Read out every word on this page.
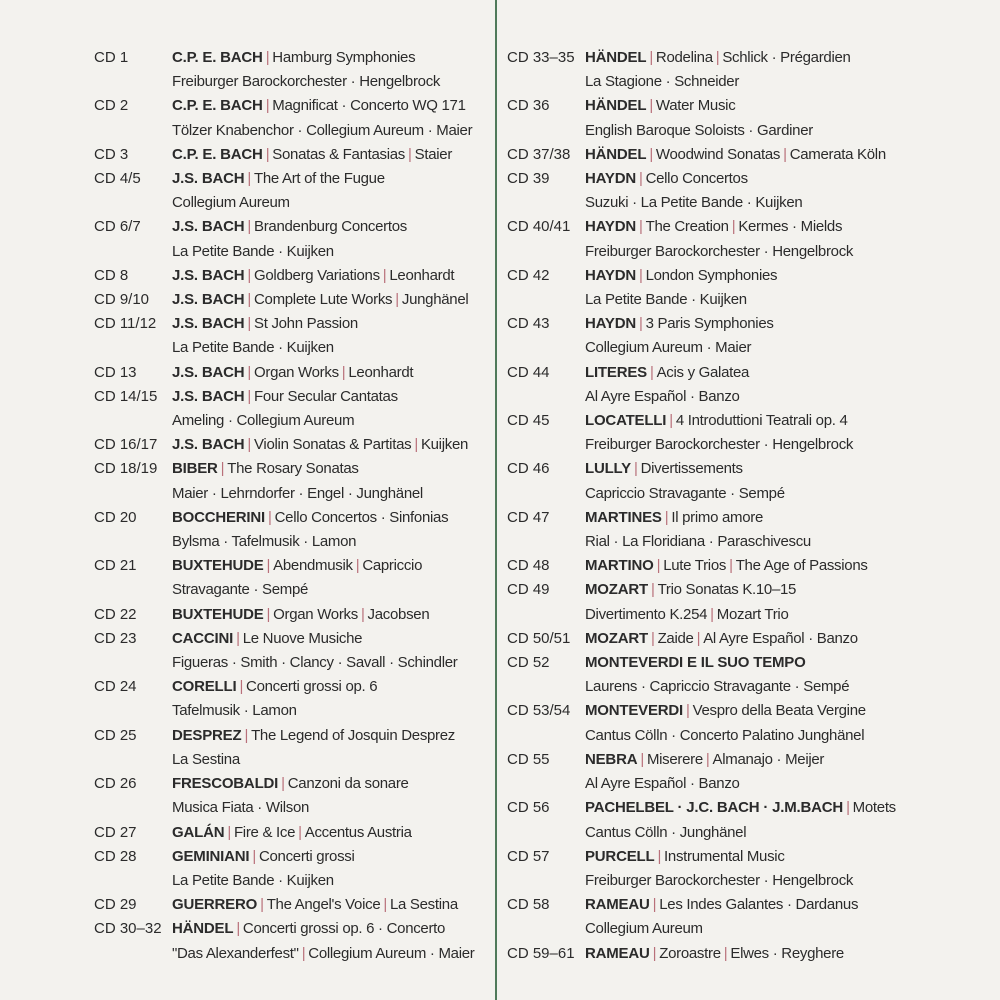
CD 1	C.P. E. BACH | Hamburg Symphonies
Freiburger Barockorchester · Hengelbrock
CD 2	C.P. E. BACH | Magnificat · Concerto WQ 171
Tölzer Knabenchor · Collegium Aureum · Maier
CD 3	C.P. E. BACH | Sonatas & Fantasias | Staier
CD 4/5	J.S. BACH | The Art of the Fugue
Collegium Aureum
CD 6/7	J.S. BACH | Brandenburg Concertos
La Petite Bande · Kuijken
CD 8	J.S. BACH | Goldberg Variations | Leonhardt
CD 9/10	J.S. BACH | Complete Lute Works | Junghänel
CD 11/12	J.S. BACH | St John Passion
La Petite Bande · Kuijken
CD 13	J.S. BACH | Organ Works | Leonhardt
CD 14/15 J.S. BACH | Four Secular Cantatas
Ameling · Collegium Aureum
CD 16/17 J.S. BACH | Violin Sonatas & Partitas | Kuijken
CD 18/19 BIBER | The Rosary Sonatas
Maier · Lehrndorfer · Engel · Junghänel
CD 20	BOCCHERINI | Cello Concertos · Sinfonias
Bylsma · Tafelmusik · Lamon
CD 21	BUXTEHUDE | Abendmusik | Capriccio
Stravagante · Sempé
CD 22	BUXTEHUDE | Organ Works | Jacobsen
CD 23	CACCINI | Le Nuove Musiche
Figueras · Smith · Clancy · Savall · Schindler
CD 24	CORELLI | Concerti grossi op. 6
Tafelmusik · Lamon
CD 25	DESPREZ | The Legend of Josquin Desprez
La Sestina
CD 26	FRESCOBALDI | Canzoni da sonare
Musica Fiata · Wilson
CD 27	GALÁN | Fire & Ice | Accentus Austria
CD 28	GEMINIANI | Concerti grossi
La Petite Bande · Kuijken
CD 29	GUERRERO | The Angel's Voice | La Sestina
CD 30–32 HÄNDEL | Concerti grossi op. 6 · Concerto
"Das Alexanderfest" | Collegium Aureum · Maier
CD 33–35 HÄNDEL | Rodelina | Schlick · Prégardien
La Stagione · Schneider
CD 36	HÄNDEL | Water Music
English Baroque Soloists · Gardiner
CD 37/38 HÄNDEL | Woodwind Sonatas | Camerata Köln
CD 39	HAYDN | Cello Concertos
Suzuki · La Petite Bande · Kuijken
CD 40/41 HAYDN | The Creation | Kermes · Mields
Freiburger Barockorchester · Hengelbrock
CD 42	HAYDN | London Symphonies
La Petite Bande · Kuijken
CD 43	HAYDN | 3 Paris Symphonies
Collegium Aureum · Maier
CD 44	LITERES | Acis y Galatea
Al Ayre Español · Banzo
CD 45	LOCATELLI | 4 Introduttioni Teatrali op. 4
Freiburger Barockorchester · Hengelbrock
CD 46	LULLY | Divertissements
Capriccio Stravagante · Sempé
CD 47	MARTINES | Il primo amore
Rial · La Floridiana · Paraschivescu
CD 48	MARTINO | Lute Trios | The Age of Passions
CD 49	MOZART | Trio Sonatas K.10–15
Divertimento K.254 | Mozart Trio
CD 50/51 MOZART | Zaide | Al Ayre Español · Banzo
CD 52	MONTEVERDI E IL SUO TEMPO
Laurens · Capriccio Stravagante · Sempé
CD 53/54 MONTEVERDI | Vespro della Beata Vergine
Cantus Cölln · Concerto Palatino Junghänel
CD 55	NEBRA | Miserere | Almanajo · Meijer
Al Ayre Español · Banzo
CD 56	PACHELBEL · J.C. BACH · J.M.BACH | Motets
Cantus Cölln · Junghänel
CD 57	PURCELL | Instrumental Music
Freiburger Barockorchester · Hengelbrock
CD 58	RAMEAU | Les Indes Galantes · Dardanus
Collegium Aureum
CD 59–61 RAMEAU | Zoroastre | Elwes · Reyghere
